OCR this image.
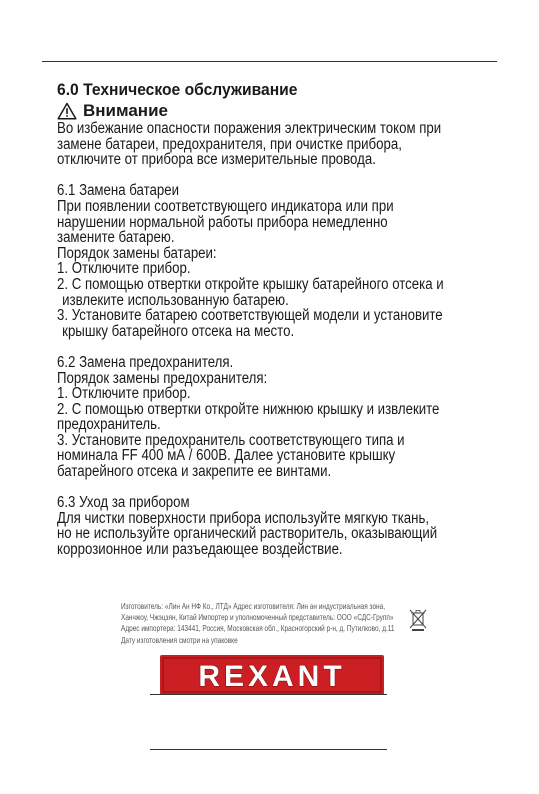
6.0 Техническое обслуживание
Внимание
Во избежание опасности поражения электрическим током при
замене батареи, предохранителя, при очистке прибора,
отключите от прибора все измерительные провода.
6.1 Замена батареи
При появлении соответствующего индикатора или при
нарушении нормальной работы прибора немедленно
замените батарею.
Порядок замены батареи:
1. Отключите прибор.
2. С помощью отвертки откройте крышку батарейного отсека и
извлеките использованную батарею.
3. Установите батарею соответствующей модели и установите
крышку батарейного отсека на место.
6.2 Замена предохранителя.
Порядок замены предохранителя:
1. Отключите прибор.
2. С помощью отвертки откройте нижнюю крышку и извлеките
предохранитель.
3. Установите предохранитель соответствующего типа и
номинала FF 400 мА / 600В. Далее установите крышку
батарейного отсека и закрепите ее винтами.
6.3 Уход за прибором
Для чистки поверхности прибора используйте мягкую ткань,
но не используйте органический растворитель, оказывающий
коррозионное или разъедающее воздействие.
Изготовитель: «Лин Ан НФ Ко., ЛТД» Адрес изготовителя: Лин ан индустриальная зона,
Ханчжоу, Чжэцзян, Китай Импортер и уполномоченный представитель: ООО «СДС-Групп»
Адрес импортера: 143441, Россия, Московская обл., Красногорский р-н, д. Путилково, д.11
Дату изготовления смотри на упаковке
REXANT
